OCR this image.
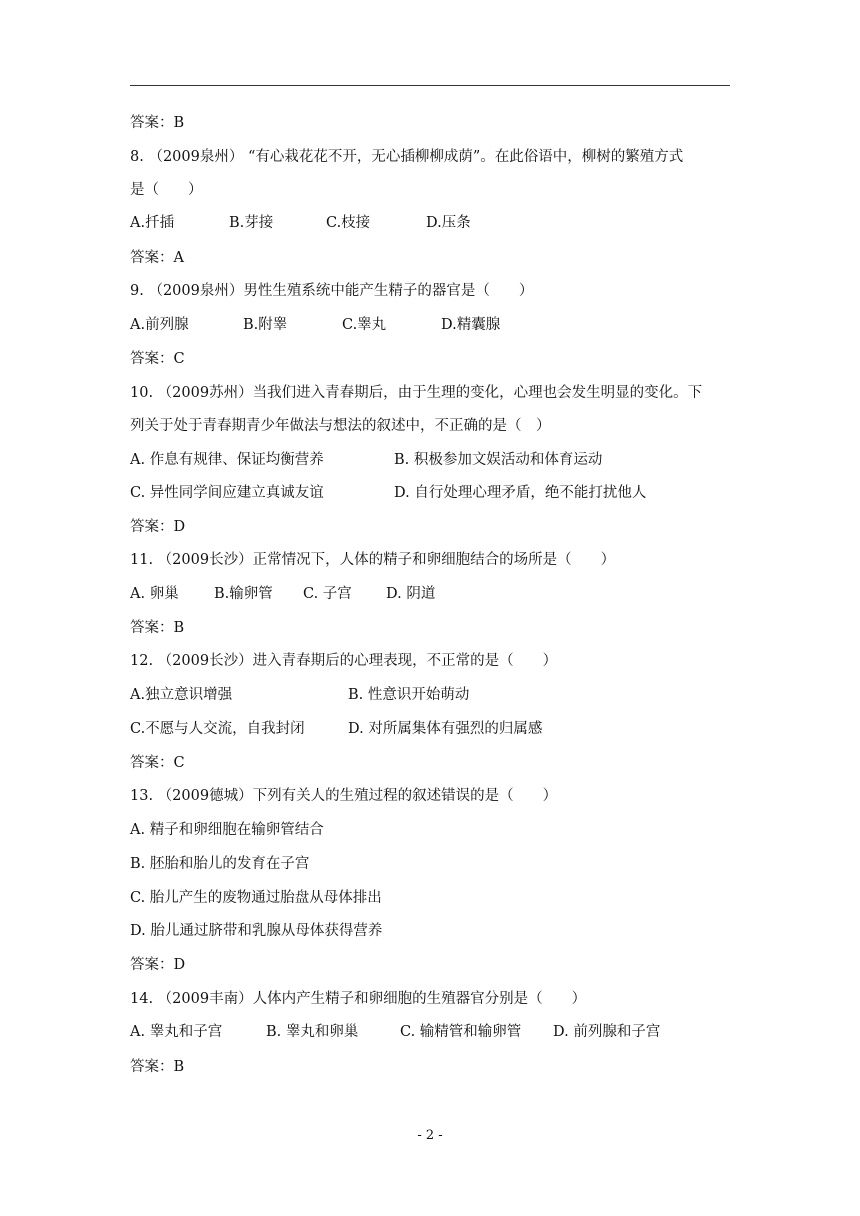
答案：B
8. （2009泉州） “有心栽花花不开，无心插柳柳成荫”。在此俗语中，柳树的繁殖方式
是（　　）
A.扦插	B.芽接	C.枝接	D.压条
答案：A
9. （2009泉州）男性生殖系统中能产生精子的器官是（　　）
A.前列腺	B.附睾	C.睾丸	D.精囊腺
答案：C
10. （2009苏州）当我们进入青春期后，由于生理的变化，心理也会发生明显的变化。下
列关于处于青春期青少年做法与想法的叙述中，不正确的是（　）
A. 作息有规律、保证均衡营养	B. 积极参加文娱活动和体育运动
C. 异性同学间应建立真诚友谊	D. 自行处理心理矛盾，绝不能打扰他人
答案：D
11. （2009长沙）正常情况下，人体的精子和卵细胞结合的场所是（　　）
A. 卵巢 B.输卵管 C. 子宫 D. 阴道
答案：B
12. （2009长沙）进入青春期后的心理表现，不正常的是（　　）
A.独立意识增强	B. 性意识开始萌动
C.不愿与人交流，自我封闭	D. 对所属集体有强烈的归属感
答案：C
13. （2009德城）下列有关人的生殖过程的叙述错误的是（　　）
A. 精子和卵细胞在输卵管结合
B. 胚胎和胎儿的发育在子宫
C. 胎儿产生的废物通过胎盘从母体排出
D. 胎儿通过脐带和乳腺从母体获得营养
答案：D
14. （2009丰南）人体内产生精子和卵细胞的生殖器官分别是（　　）
A. 睾丸和子宫	B. 睾丸和卵巢	C. 输精管和输卵管 D. 前列腺和子宫
答案：B
- 2 -
